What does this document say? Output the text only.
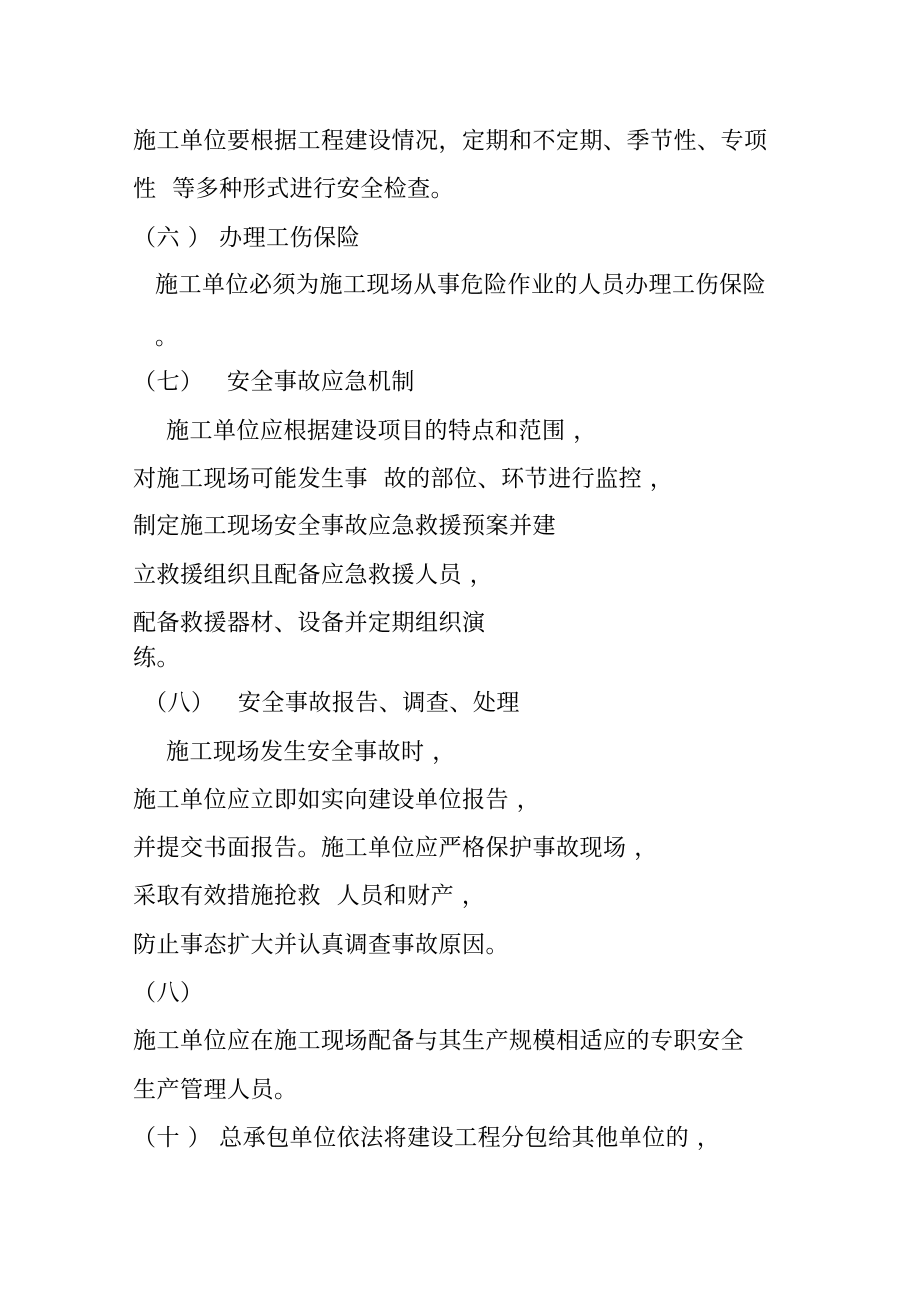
施工单位要根据工程建设情况，定期和不定期、季节性、专项
性  等多种形式进行安全检查。
（六 ） 办理工伤保险
施工单位必须为施工现场从事危险作业的人员办理工伤保险
。
（七）   安全事故应急机制
施工单位应根据建设项目的特点和范围 ，
对施工现场可能发生事  故的部位、环节进行监控 ，
制定施工现场安全事故应急救援预案并建
立救援组织且配备应急救援人员 ，
配备救援器材、设备并定期组织演
练。
（八）   安全事故报告、调查、处理
施工现场发生安全事故时 ，
施工单位应立即如实向建设单位报告 ，
并提交书面报告。施工单位应严格保护事故现场 ，
采取有效措施抢救  人员和财产 ，
防止事态扩大并认真调查事故原因。
（八）
施工单位应在施工现场配备与其生产规模相适应的专职安全
生产管理人员。
（十 ） 总承包单位依法将建设工程分包给其他单位的 ，
